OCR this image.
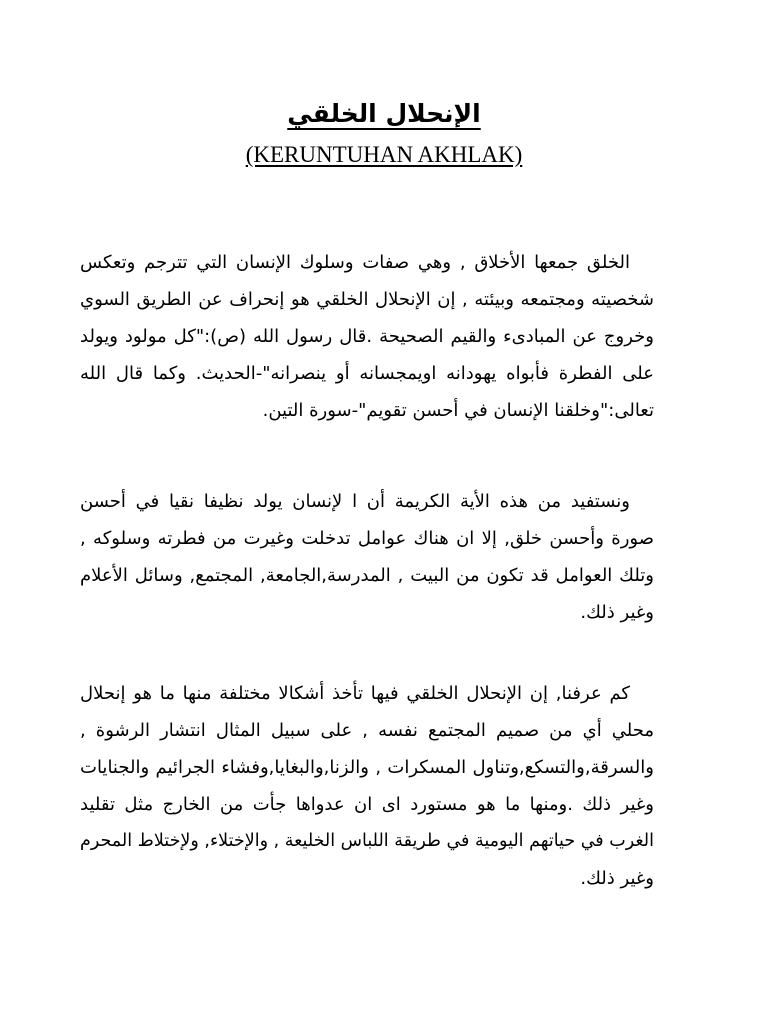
الإنحلال الخلقي
(KERUNTUHAN AKHLAK)
الخلق جمعها الأخلاق , وهي صفات وسلوك الإنسان التي تترجم وتعكس
شخصيته ومجتمعه وبيئته , إن الإنحلال الخلقي هو إنحراف عن الطريق السوي
وخروج عن المبادىء والقيم الصحيحة .قال رسول الله (ص):"كل مولود ويولد
على الفطرة فأبواه يهودانه اويمجسانه أو ينصرانه"-الحديث. وكما قال الله
تعالى:"وخلقنا الإنسان في أحسن تقويم"-سورة التين.
ونستفيد من هذه الأية الكريمة أن ا لإنسان يولد نظيفا نقيا في أحسن
صورة وأحسن خلق, إلا ان هناك عوامل تدخلت وغيرت من فطرته وسلوكه ,
وتلك العوامل قد تكون من البيت , المدرسة,الجامعة, المجتمع, وسائل الأعلام
وغير ذلك.
كم عرفنا, إن الإنحلال الخلقي فيها تأخذ أشكالا مختلفة منها ما هو إنحلال
محلي أي من صميم المجتمع نفسه , على سبيل المثال انتشار الرشوة ,
والسرقة,والتسكع,وتناول المسكرات , والزنا,والبغايا,وفشاء الجرائيم والجنايات
وغير ذلك .ومنها ما هو مستورد اى ان عدواها جأت من الخارج مثل تقليد
الغرب في حياتهم اليومية في طريقة اللباس الخليعة , والإختلاء, ولإختلاط المحرم
وغير ذلك.
